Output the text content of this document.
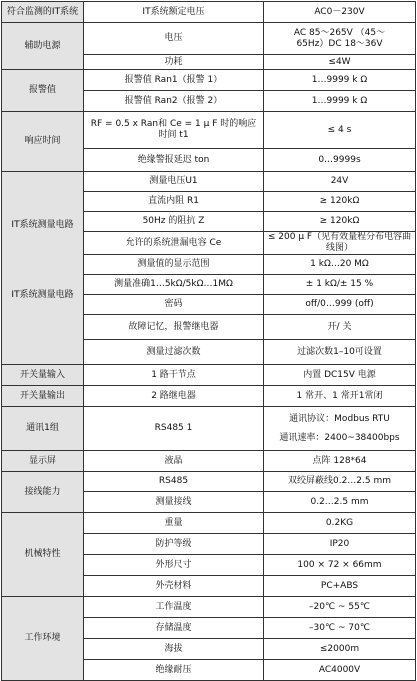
符合监测的IT系统	IT系统额定电压	AC0－230V
辅助电源	电压	AC 85～265V （45～
65Hz）DC 18～36V

	功耗	≤4W
报警值	报警值 Ran1（报警 1）	1…9999 k Ω
	报警值 Ran2（报警 2）	1…9999 k Ω
响应时间	RF = 0.5 x Ran和 Ce = 1 μ F 时的响应时间 t1	≤ 4 s
	绝缘警报延迟 ton	0…9999s

IT系统测量电路
IT系统测量电路	测量电压U1	24V
	直流内阻 R1	≥ 120kΩ
	50Hz 的阻抗 Z	≥ 120kΩ
	允许的系统泄漏电容 Ce	≤ 200 μ F（见有效量程分布电容曲线图）
	测量值的显示范围	1 kΩ…20 MΩ
	测量准确1…5kΩ/5kΩ…1MΩ	± 1 kΩ/± 15 %
	密码	off/0…999 (off)
	故障记忆，报警继电器	开/ 关
	测量过滤次数	过滤次数1–10可设置
开关量输入	1 路干节点	内置 DC15V 电源
开关量输出	2 路继电器	1 常开、1 常开1常闭
通讯1组	RS485 1	通讯协议：Modbus RTU
通讯速率：2400~38400bps

显示屏	液晶	点阵 128*64
接线能力	RS485	双绞屏蔽线0.2…2.5 mm
	测量接线	0.2…2.5 mm
机械特性	重量	0.2KG
	防护等级	IP20
	外形尺寸	100 × 72 × 66mm
	外壳材料	PC+ABS
工作环境	工作温度	–20℃ ~ 55℃
	存储温度	–30℃ ~ 70℃
	海拔	≤2000m
	绝缘耐压	AC4000V
